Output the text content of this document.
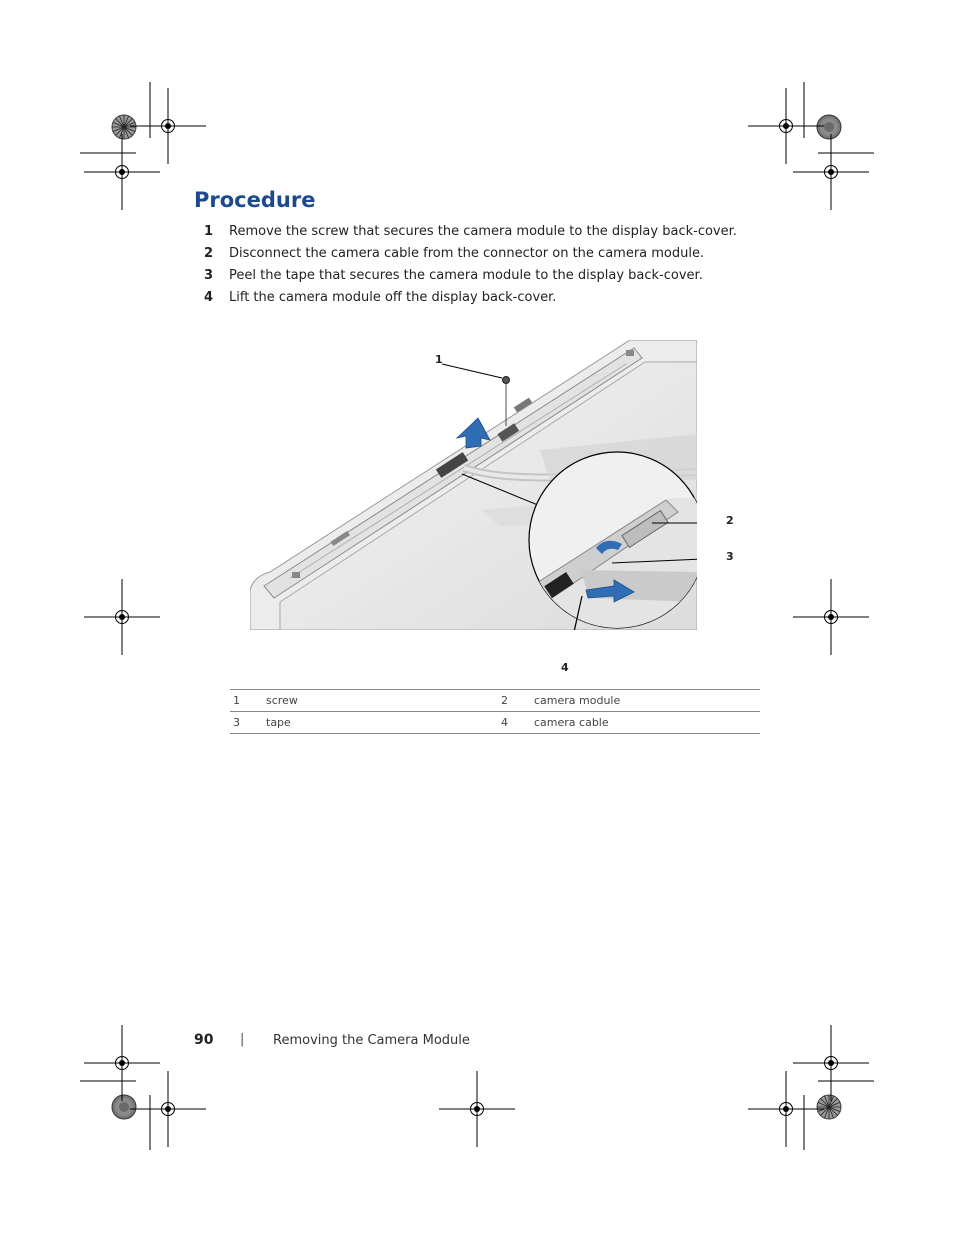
Procedure
1 Remove the screw that secures the camera module to the display back-cover.
2 Disconnect the camera cable from the connector on the camera module.
3 Peel the tape that secures the camera module to the display back-cover.
4 Lift the camera module off the display back-cover.
1
2
3
4
1	screw	2	camera module
3	tape	4	camera cable
90 | Removing the Camera Module
